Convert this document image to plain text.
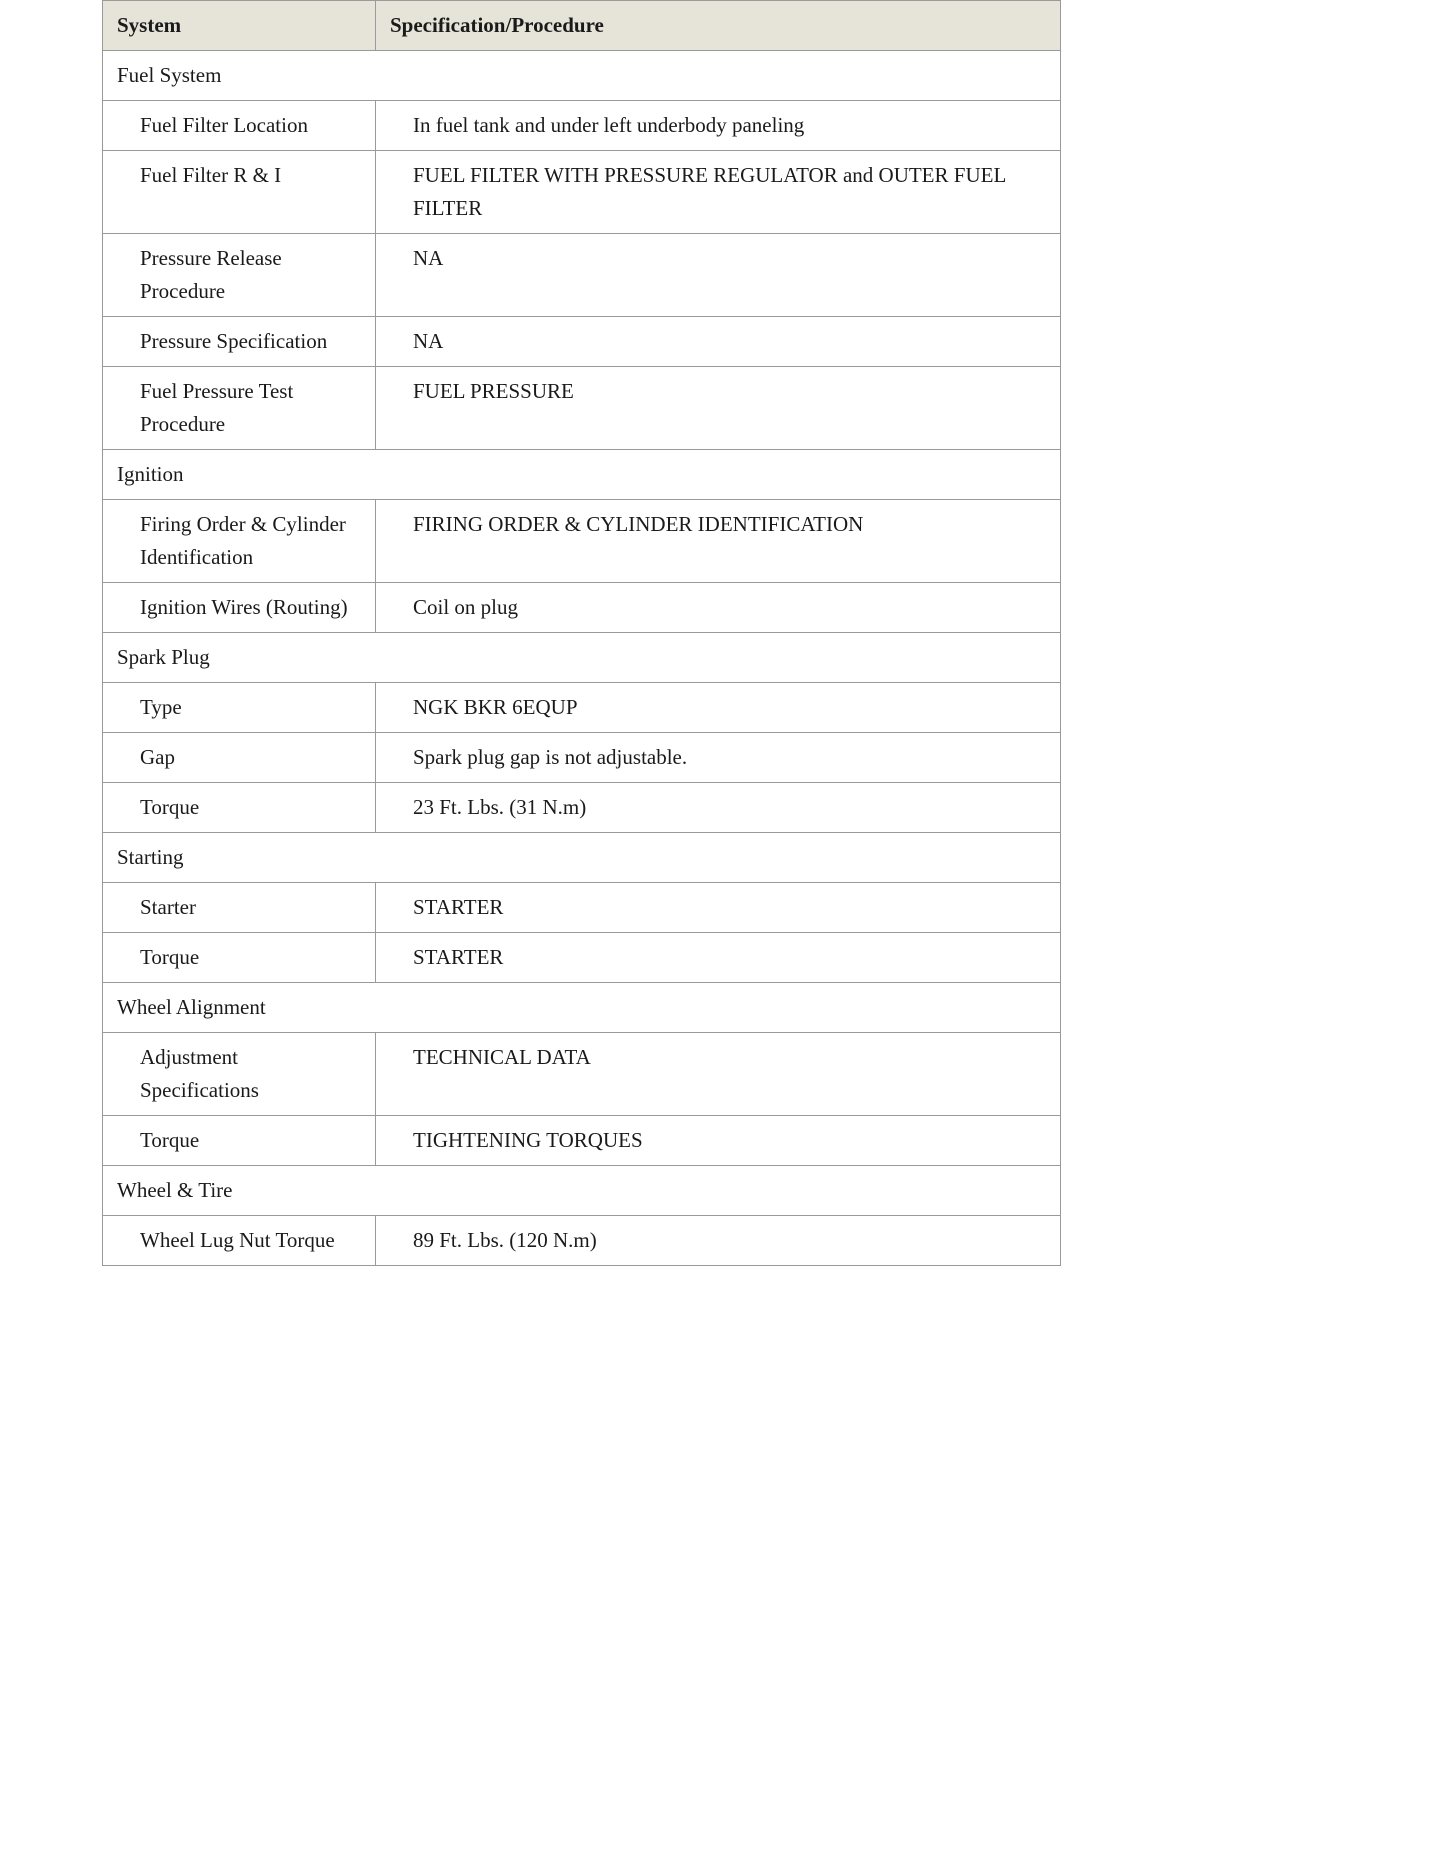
System	Specification/Procedure
Fuel System	
Fuel Filter Location	In fuel tank and under left underbody paneling
Fuel Filter R & I	FUEL FILTER WITH PRESSURE REGULATOR and OUTER FUEL FILTER
Pressure Release Procedure	NA
Pressure Specification	NA
Fuel Pressure Test Procedure	FUEL PRESSURE
Ignition	
Firing Order & Cylinder Identification	FIRING ORDER & CYLINDER IDENTIFICATION
Ignition Wires (Routing)	Coil on plug
Spark Plug	
Type	NGK BKR 6EQUP
Gap	Spark plug gap is not adjustable.
Torque	23 Ft. Lbs. (31 N.m)
Starting	
Starter	STARTER
Torque	STARTER
Wheel Alignment	
Adjustment Specifications	TECHNICAL DATA
Torque	TIGHTENING TORQUES
Wheel & Tire	
Wheel Lug Nut Torque	89 Ft. Lbs. (120 N.m)
